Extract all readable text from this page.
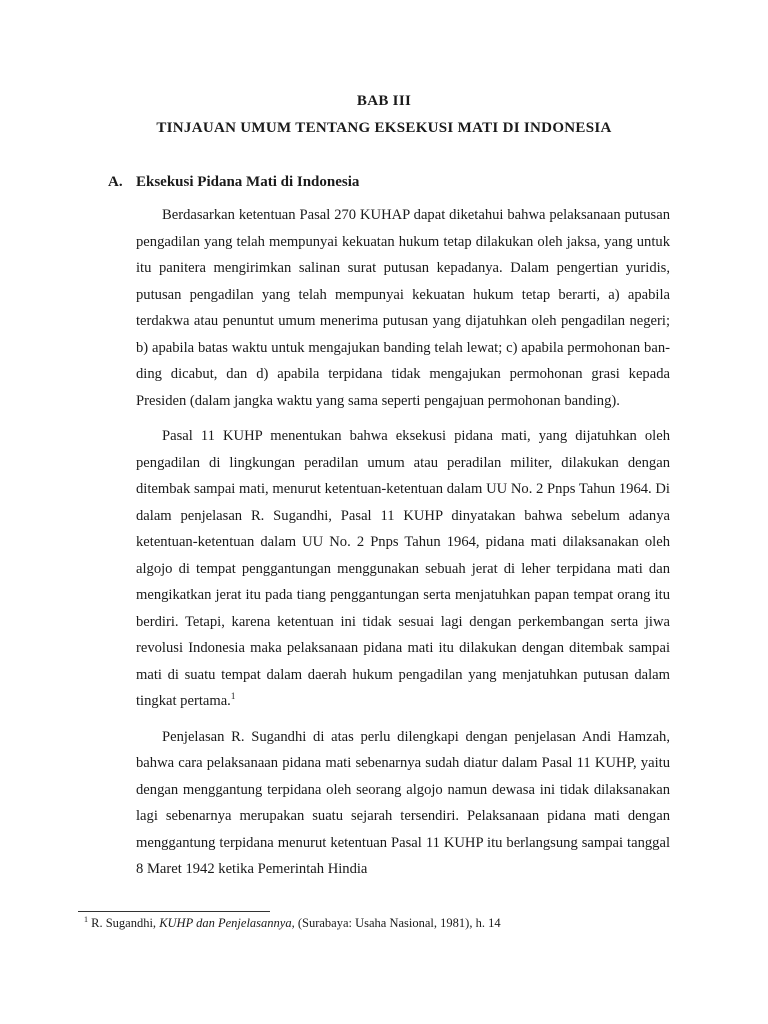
BAB III
TINJAUAN UMUM TENTANG EKSEKUSI MATI DI INDONESIA
A. Eksekusi Pidana Mati di Indonesia

Berdasarkan ketentuan Pasal 270 KUHAP dapat diketahui bahwa pelaksanaan putusan pengadilan yang telah mempunyai kekuatan hukum tetap dilakukan oleh jaksa, yang untuk itu panitera mengirimkan salinan surat putusan kepadanya. Dalam pengertian yuridis, putusan pengadilan yang telah mempunyai kekuatan hukum tetap berarti, a) apabila terdakwa atau penuntut umum menerima putusan yang dijatuhkan oleh pengadilan negeri; b) apabila batas waktu untuk mengajukan banding telah lewat; c) apabila permohonan ban- ding dicabut, dan d) apabila terpidana tidak mengajukan permohonan grasi kepada Presiden (dalam jangka waktu yang sama seperti pengajuan permohonan banding).

Pasal 11 KUHP menentukan bahwa eksekusi pidana mati, yang dijatuhkan oleh pengadilan di lingkungan peradilan umum atau peradilan militer, dilakukan dengan ditembak sampai mati, menurut ketentuan-ketentuan dalam UU No. 2 Pnps Tahun 1964. Di dalam penjelasan R. Sugandhi, Pasal 11 KUHP dinyatakan bahwa sebelum adanya ketentuan-ketentuan dalam UU No. 2 Pnps Tahun 1964, pidana mati dilaksanakan oleh algojo di tempat penggantungan menggunakan sebuah jerat di leher terpidana mati dan mengikatkan jerat itu pada tiang penggantungan serta menjatuhkan papan tempat orang itu berdiri. Tetapi, karena ketentuan ini tidak sesuai lagi dengan perkembangan serta jiwa revolusi Indonesia maka pelaksanaan pidana mati itu dilakukan dengan ditembak sampai mati di suatu tempat dalam daerah hukum pengadilan yang menjatuhkan putusan dalam tingkat pertama.$^1$

Penjelasan R. Sugandhi di atas perlu dilengkapi dengan penjelasan Andi Hamzah, bahwa cara pelaksanaan pidana mati sebenarnya sudah diatur dalam Pasal 11 KUHP, yaitu dengan menggantung terpidana oleh seorang algojo namun dewasa ini tidak dilaksanakan lagi sebenarnya merupakan suatu sejarah tersendiri. Pelaksanaan pidana mati dengan menggantung terpidana menurut ketentuan Pasal 11 KUHP itu berlangsung sampai tanggal 8 Maret 1942 ketika Pemerintah Hindia

$^1$ R. Sugandhi, KUHP dan Penjelasannya, (Surabaya: Usaha Nasional, 1981), h. 14
